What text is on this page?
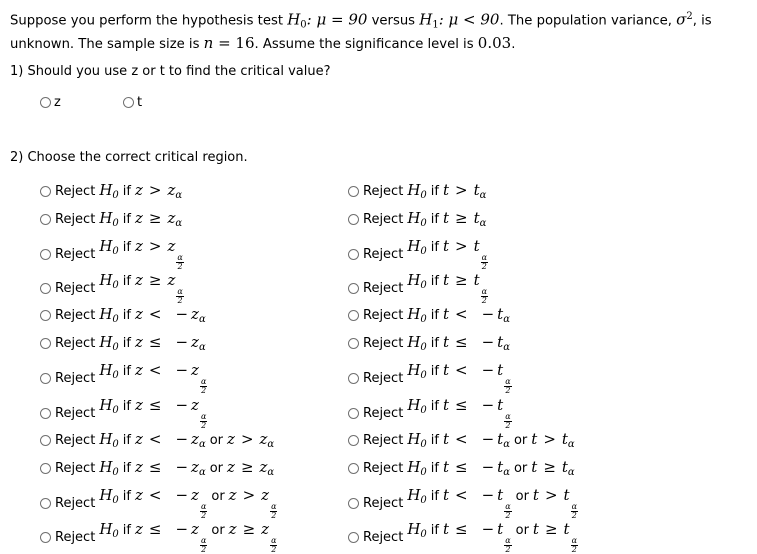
Suppose you perform the hypothesis test $H_0$: μ = 90 versus $H_1$: μ < 90. The population variance, $\sigma^2$, is unknown. The sample size is n = 16. Assume the significance level is 0.03.
1) Should you use z or t to find the critical value?
z	t
2) Choose the correct critical region.
Reject $H_0$ if $z > z_\alpha$
Reject $H_0$ if $z \ge z_\alpha$
Reject $H_0$ if z > z
$\frac{\alpha}{2}$
Reject $H_0$ if z ≥ z
$\frac{\alpha}{2}$
Reject $H_0$ if z < − $z_\alpha$
Reject $H_0$ if z ≤ − $z_\alpha$
Reject $H_0$ if z < − z
$\frac{\alpha}{2}$
Reject $H_0$ if z ≤ − z
$\frac{\alpha}{2}$
Reject $H_0$ if z < − $z_\alpha$ or $z > z_\alpha$
Reject $H_0$ if z ≤ − $z_\alpha$ or $z \ge z_\alpha$
Reject $H_0$ if z < − z
$\frac{\alpha}{2}$
or z > z
$\frac{\alpha}{2}$
Reject $H_0$ if z ≤ − z
$\frac{\alpha}{2}$
or z ≥ z
$\frac{\alpha}{2}$
Reject $H_0$ if $t > t_\alpha$
Reject $H_0$ if $t \ge t_\alpha$
Reject $H_0$ if t > t
$\frac{\alpha}{2}$
Reject $H_0$ if t ≥ t
$\frac{\alpha}{2}$
Reject $H_0$ if t < − $t_\alpha$
Reject $H_0$ if t ≤ − $t_\alpha$
Reject $H_0$ if t < − t
$\frac{\alpha}{2}$
Reject $H_0$ if t ≤ − t
$\frac{\alpha}{2}$
Reject $H_0$ if t < − $t_\alpha$ or $t > t_\alpha$
Reject $H_0$ if t ≤ − $t_\alpha$ or $t \ge t_\alpha$
Reject $H_0$ if t < − t
$\frac{\alpha}{2}$
or t > t
$\frac{\alpha}{2}$
Reject $H_0$ if t ≤ − t
$\frac{\alpha}{2}$
or t ≥ t
$\frac{\alpha}{2}$
